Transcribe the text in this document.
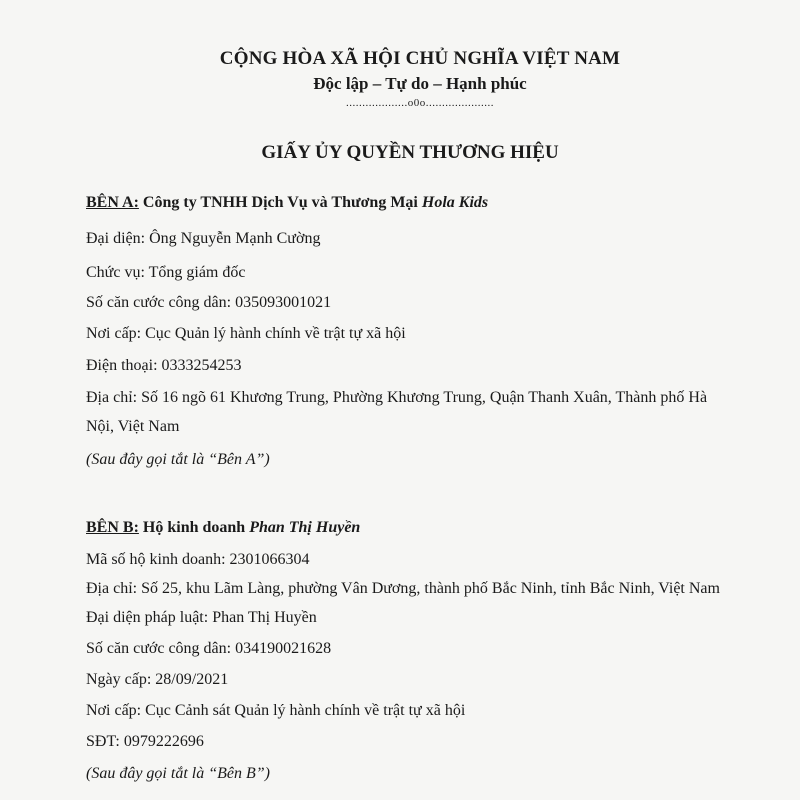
CỘNG HÒA XÃ HỘI CHỦ NGHĨA VIỆT NAM
Độc lập – Tự do – Hạnh phúc
...................o0o.....................
GIẤY ỦY QUYỀN THƯƠNG HIỆU
BÊN A: Công ty TNHH Dịch Vụ và Thương Mại Hola Kids
Đại diện: Ông Nguyễn Mạnh Cường
Chức vụ: Tổng giám đốc
Số căn cước công dân: 035093001021
Nơi cấp: Cục Quản lý hành chính về trật tự xã hội
Điện thoại: 0333254253
Địa chỉ: Số 16 ngõ 61 Khương Trung, Phường Khương Trung, Quận Thanh Xuân, Thành phố Hà
Nội, Việt Nam
(Sau đây gọi tắt là “Bên A”)
BÊN B: Hộ kinh doanh Phan Thị Huyền
Mã số hộ kinh doanh: 2301066304
Địa chỉ: Số 25, khu Lãm Làng, phường Vân Dương, thành phố Bắc Ninh, tỉnh Bắc Ninh, Việt Nam
Đại diện pháp luật: Phan Thị Huyền
Số căn cước công dân: 034190021628
Ngày cấp: 28/09/2021
Nơi cấp: Cục Cảnh sát Quản lý hành chính về trật tự xã hội
SĐT: 0979222696
(Sau đây gọi tắt là “Bên B”)
